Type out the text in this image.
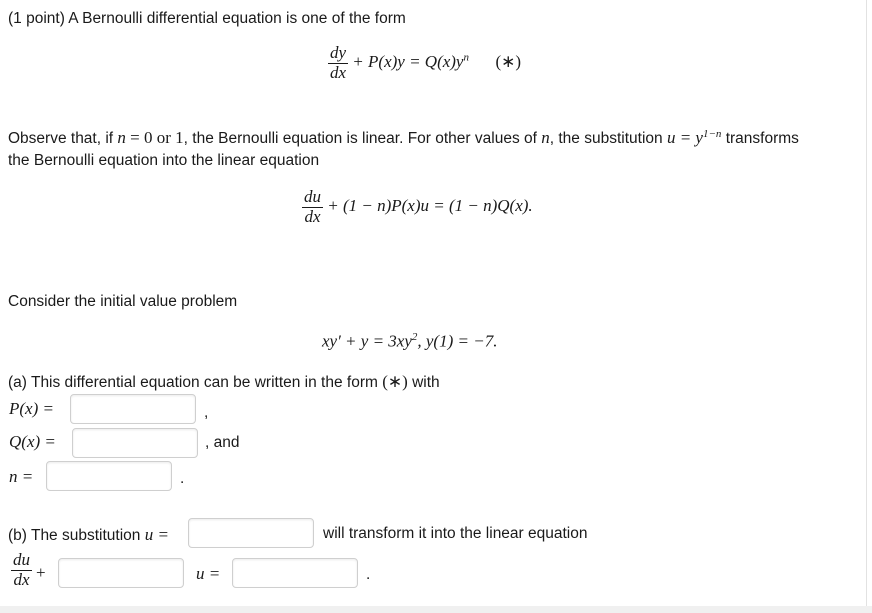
(1 point) A Bernoulli differential equation is one of the form
$\frac{dy}{dx} + P(x)y = Q(x)y^n$ (∗)
Observe that, if n = 0 or 1, the Bernoulli equation is linear. For other values of n, the substitution $u = y^{1-n}$ transforms
the Bernoulli equation into the linear equation
$\frac{du}{dx} + (1 - n)P(x)u = (1 - n)Q(x)$.
Consider the initial value problem
$xy' + y = 3xy^2$, y(1) = −7.
(a) This differential equation can be written in the form (∗) with
P(x) =	,
Q(x) =	, and
n =	.
(b) The substitution u =	will transform it into the linear equation
$\frac{du}{dx}$ +	u =	.
